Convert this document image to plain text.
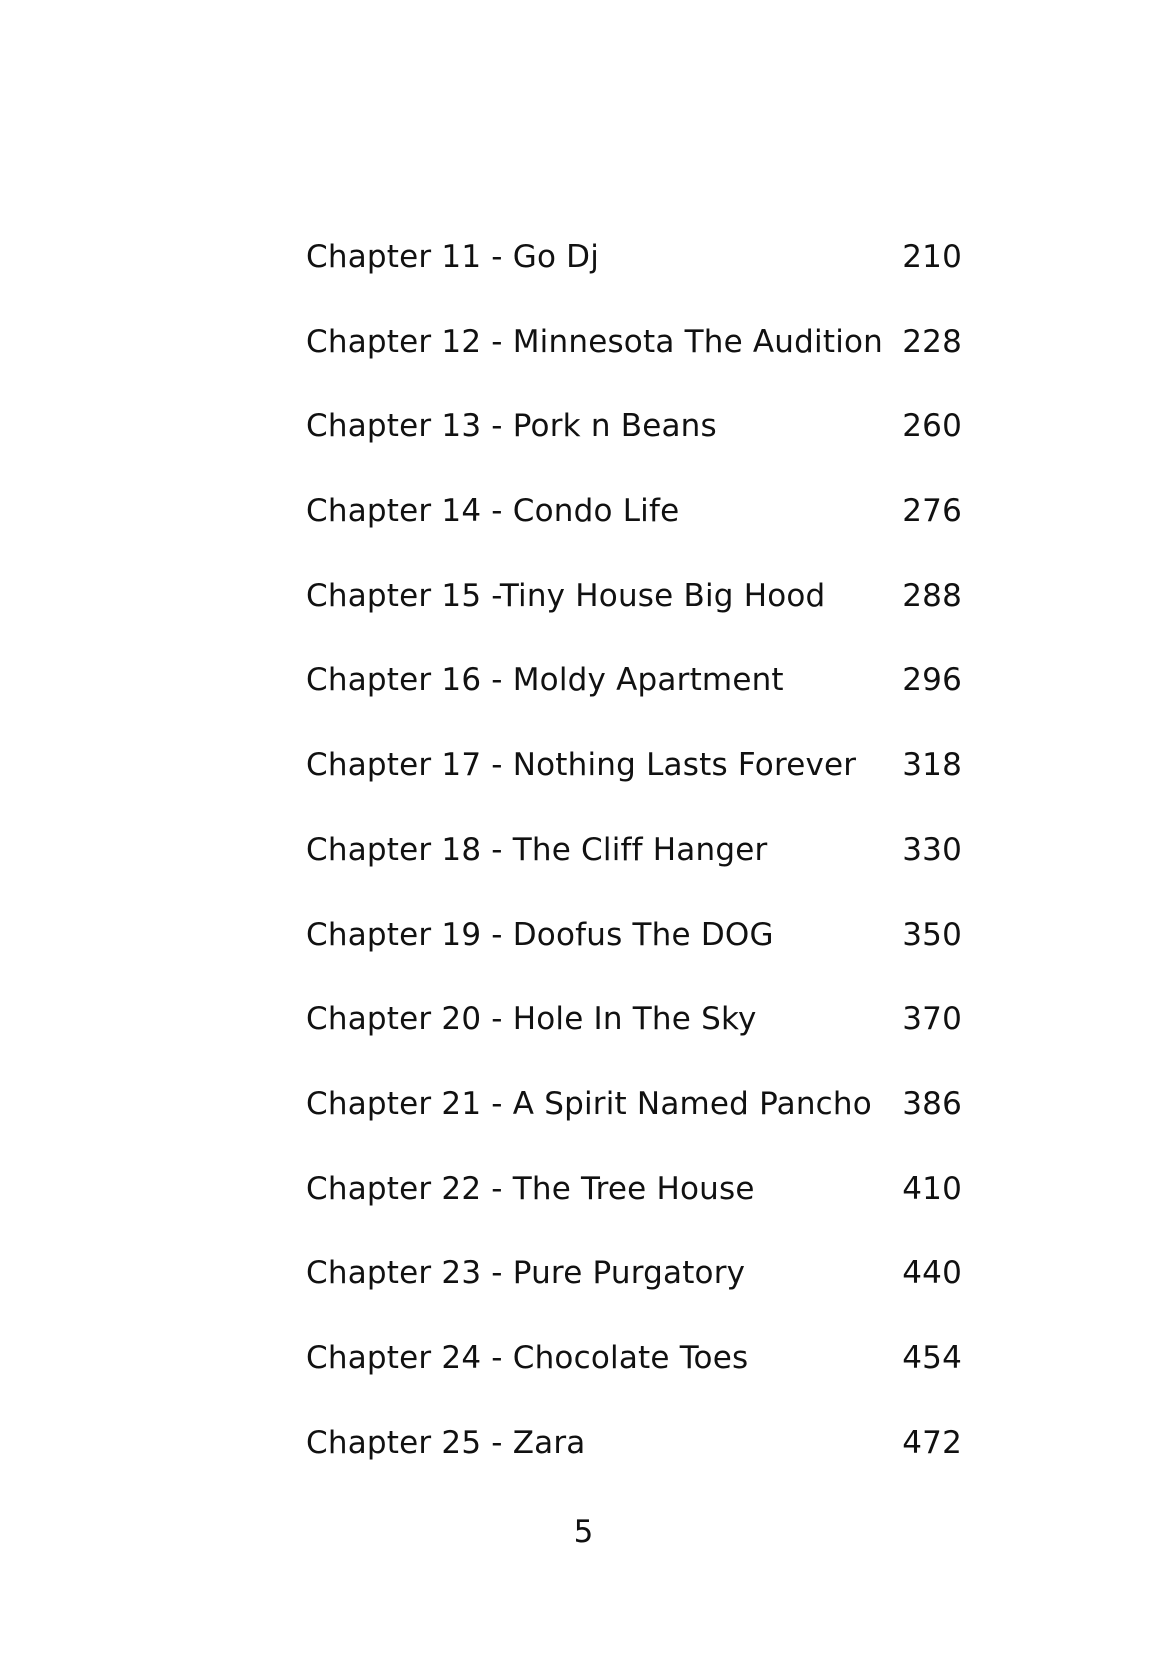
Chapter 11 - Go Dj	210
Chapter 12 - Minnesota The Audition 228
Chapter 13 - Pork n Beans	260
Chapter 14 - Condo Life	276
Chapter 15 -Tiny House Big Hood 288
Chapter 16 - Moldy Apartment	296
Chapter 17 - Nothing Lasts Forever 318
Chapter 18 - The Cliff Hanger	330
Chapter 19 - Doofus The DOG	350
Chapter 20 - Hole In The Sky	370
Chapter 21 - A Spirit Named Pancho 386
Chapter 22 - The Tree House	410
Chapter 23 - Pure Purgatory	440
Chapter 24 - Chocolate Toes	454
Chapter 25 - Zara	472
5
